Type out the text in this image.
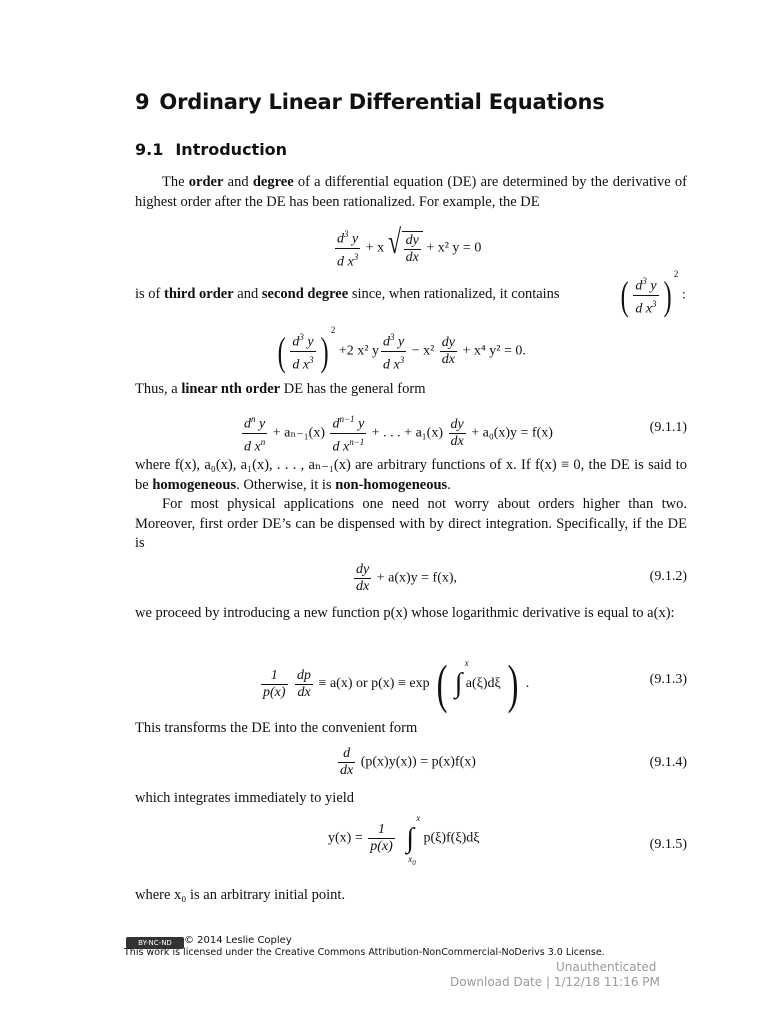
9 Ordinary Linear Differential Equations
9.1 Introduction

The order and degree of a differential equation (DE) are determined by the derivative of highest order after the DE has been rationalized. For example, the DE

$\frac{d^3 y}{d x^3} + x$ √ $\frac{dy}{dx} + x^2$ y = 0

is of third order and second degree since, when rationalized, it contains ( $\frac{d^3 y}{d x^3}$ ) $^2$ :
( $\frac{d^3 y}{d x^3}$ ) $^2$ +2 x² y $\frac{d^3 y}{d x^3} - x^2 \frac{dy}{dx} + x^4$ y² = 0.

Thus, a linear nth order DE has the general form

$\frac{d^n y}{d x^n} + a_{n-1}(x) \frac{d^{n-1} y}{d x^{n-1}}$ + . . . + $a_1(x) \frac{dy}{dx} + a_0(x)y = f(x)$	(9.1.1)

where f(x), a₀(x), a₁(x), . . . , aₙ₋₁(x) are arbitrary functions of x. If f(x) ≡ 0, the DE is said to be homogeneous. Otherwise, it is non-homogeneous.

For most physical applications one need not worry about orders higher than two. Moreover, first order DE’s can be dispensed with by direct integration. Specifically, if the DE is

$\frac{dy}{dx} + a(x)y = f(x)$,	(9.1.2)

we proceed by introducing a new function p(x) whose logarithmic derivative is equal to a(x):

$\frac{1}{p(x)}$
$\frac{dp}{dx} \equiv a(x)$ or p(x) ≡ exp ( ∫
x
a(ξ)dξ ) .	(9.1.3)

This transforms the DE into the convenient form

$\frac{d}{dx} (p(x)y(x)) = p(x)f(x)$	(9.1.4)

which integrates immediately to yield

$y(x) = \frac{1}{p(x)}$ ∫
x
$x_0$
p(ξ)f(ξ)dξ	(9.1.5)

where x₀ is an arbitrary initial point.

BY-NC-ND	© 2014 Leslie Copley
This work is licensed under the Creative Commons Attribution-NonCommercial-NoDerivs 3.0 License.
Unauthenticated
Download Date | 1/12/18 11:16 PM
